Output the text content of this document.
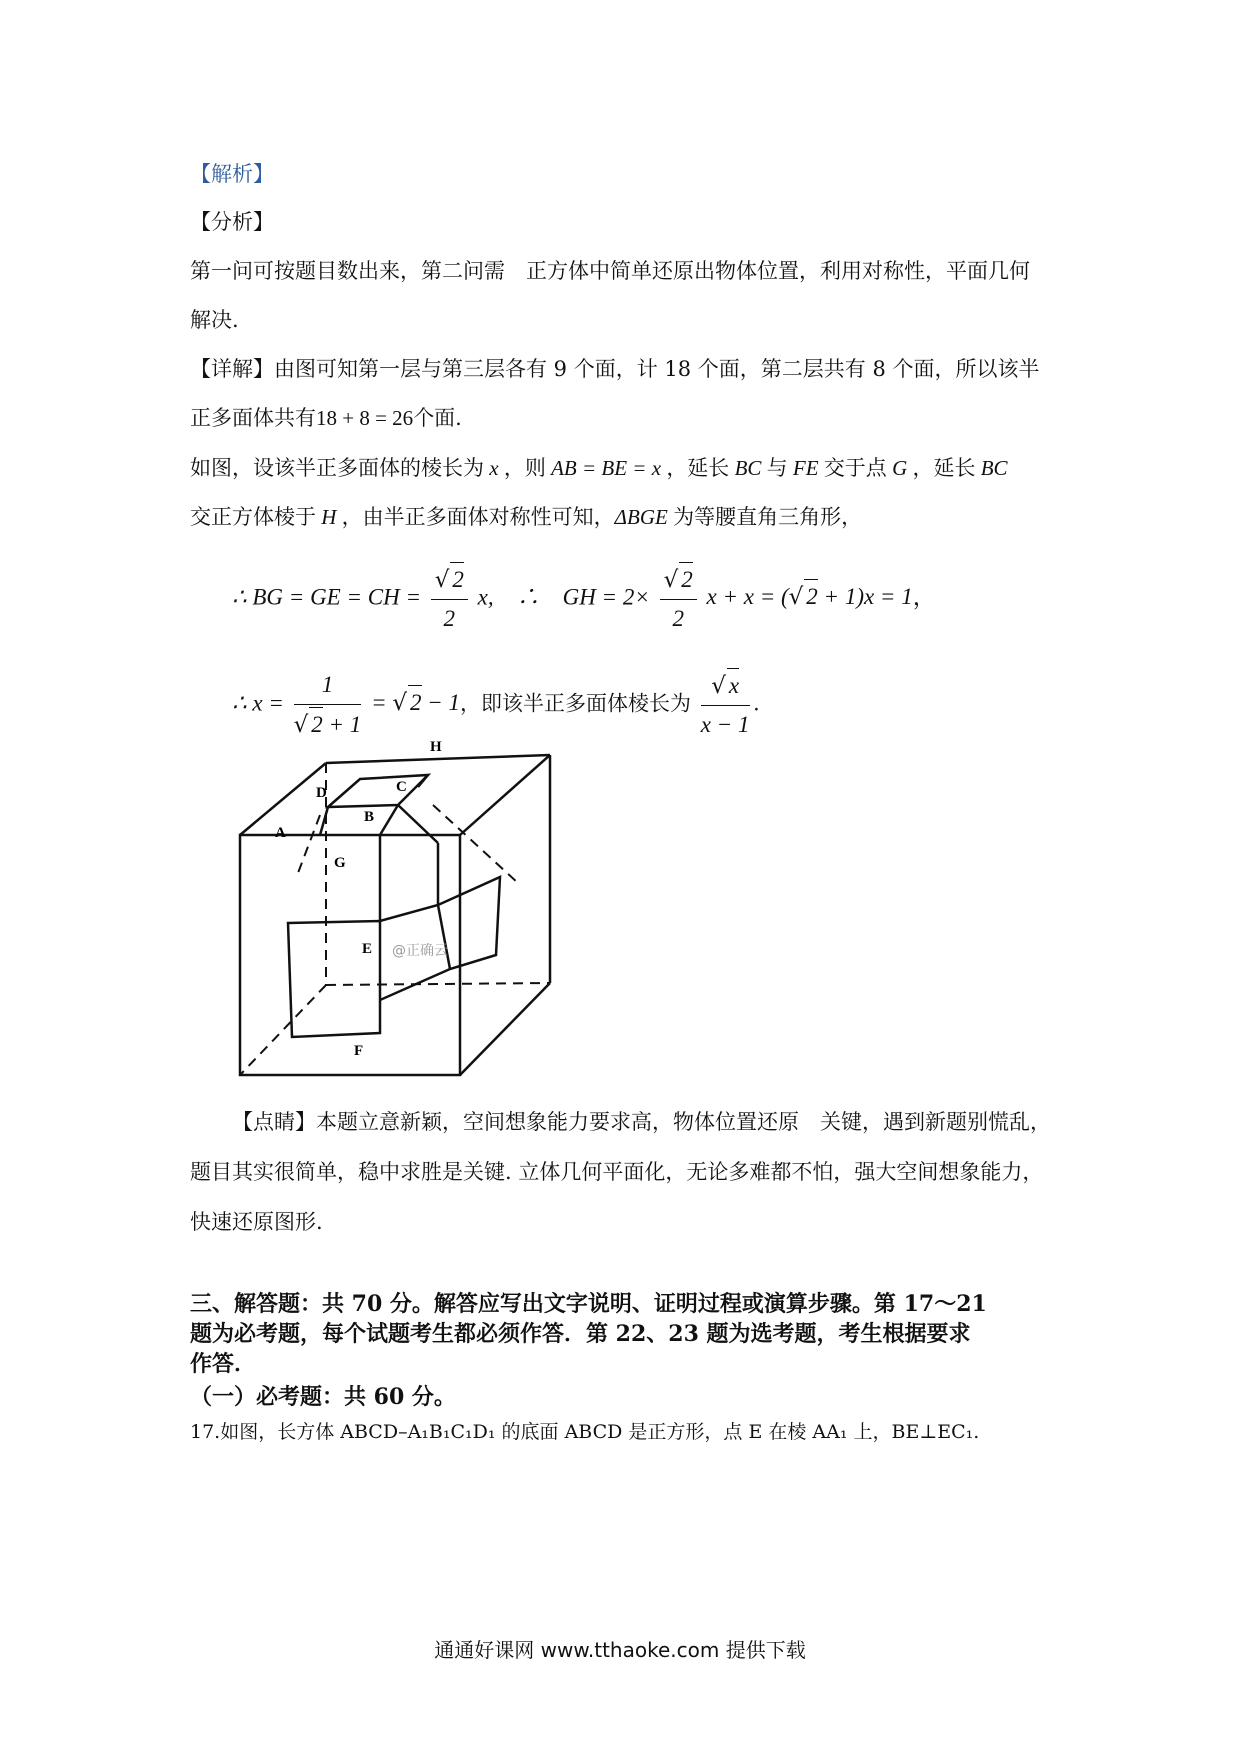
【解析】
【分析】
第一问可按题目数出来，第二问需　正方体中简单还原出物体位置，利用对称性，平面几何
解决.
【详解】由图可知第一层与第三层各有 9 个面，计 18 个面，第二层共有 8 个面，所以该半
正多面体共有18 + 8 = 26个面.
如图，设该半正多面体的棱长为 x ，则 AB = BE = x ，延长 BC 与 FE 交于点 G ，延长 BC
交正方体棱于 H ，由半正多面体对称性可知，ΔBGE 为等腰直角三角形，
∴ BG = GE = CH = $\frac{√ 2}{2} x$,　∴　GH = $2\times \frac{√ 2}{2}$ x + x = (√ 2 + 1)x = 1，
∴ $x = \frac{1}{√ 2 + 1}$ = √ 2 − 1，即该半正多面体棱长为 $\frac{√ x}{x - 1}$ .
H
D	C
B
A
G
E
F
@正确云
【点睛】本题立意新颖，空间想象能力要求高，物体位置还原　关键，遇到新题别慌乱，
题目其实很简单，稳中求胜是关键. 立体几何平面化，无论多难都不怕，强大空间想象能力，
快速还原图形.
三、解答题：共 70 分。解答应写出文字说明、证明过程或演算步骤。第 17～21
题为必考题，每个试题考生都必须作答．第 22、23 题为选考题，考生根据要求
作答．
（一）必考题：共 60 分。
17.如图，长方体 ABCD–A₁B₁C₁D₁ 的底面 ABCD 是正方形，点 E 在棱 AA₁ 上，BE⊥EC₁.
通通好课网 www.tthaoke.com 提供下载
